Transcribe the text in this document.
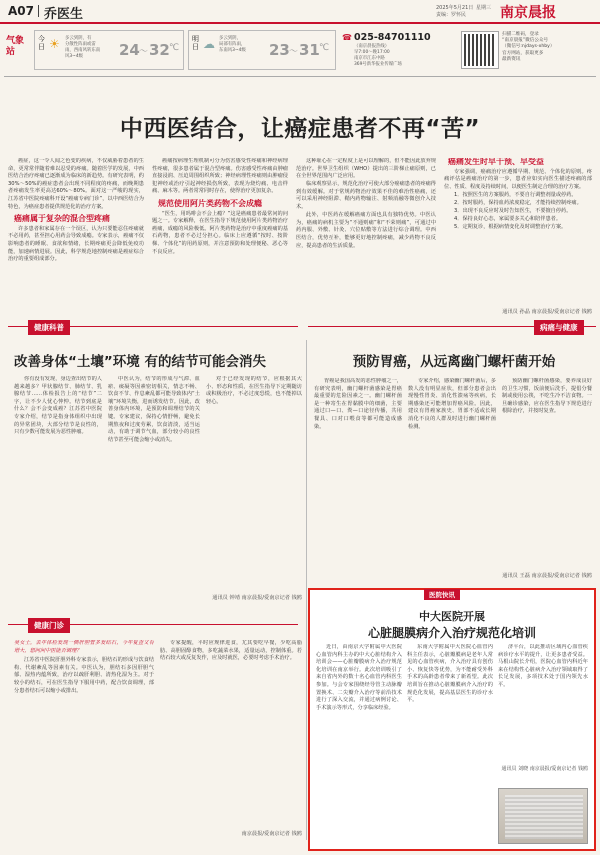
A07 乔医生	2025年5月21日 星期三
责编：罗怀民 南京晨报
气象站
今日 ☀ 多云到阴，有
分散性阵雨或雷
雨，西南风转东南
风3~4级	24 ～ 32 ℃
明日 ☁ 多云到阴，
局部有阵雨，
东南风3~4级 23 ～ 31 ℃
☎ 025-84701110
（南京晨报热线）
早7:00～晚17:00
南京市江东中路
369号新华报业传媒广场
扫描二维码，登录
“南京晨报”微信公众号
（微信号:njdays-xhby）
官方网站，获取更多
最新资讯
中西医结合，让癌症患者不再“苦”

癌症，这一令人闻之色变的疾病，不仅威胁着患者的生命，更常常伴随着难以忍受的疼痛。随着医学的发展，中西医结合治疗疼痛已逐渐成为临床的新趋势。有研究表明，约30%～50%的癌症患者会出现不同程度的疼痛，而晚期患者疼痛发生率更高达60%～80%。面对这一严峻的现实，江苏省中医院疼痛科开设“癌痛专病门诊”，以中西医结合为特色，为癌症患者提供规范化的治疗方案。

癌痛属于复杂的混合型疼痛

许多患者和家属存在一个误区，认为只要能忍住疼痛就不必用药，甚至担心用药会导致成瘾。专家表示，癌痛不仅影响患者的睡眠、食欲和情绪，长期疼痛更会降低免疫功能，加速病情进展。因此，科学规范地控制疼痛是癌症综合治疗的重要组成部分。

癌痛按病理生理机制可分为伤害感受性疼痛和神经病理性疼痛，很多患者属于混合型疼痛。伤害感受性疼痛由肿瘤直接浸润、压迫周围组织所致；神经病理性疼痛则由肿瘤侵犯神经或治疗引起神经损伤所致，表现为烧灼痛、电击样痛、麻木等。两者常常同时存在，使得治疗更加复杂。

规范使用阿片类药物不会成瘾

“医生，用吗啡会不会上瘾？”这是癌痛患者最常问的问题之一。专家解释，在医生指导下规范使用阿片类药物治疗癌痛，成瘾的风险极低。阿片类药物是治疗中重度癌痛的基石药物，患者不必过分担心。临床上应遵循“按时、按阶梯、个体化”的用药原则，并注意预防和处理便秘、恶心等不良反应。

这种耻心在一定程度上是可以理解的，但不能因此放弃规范治疗。世界卫生组织（WHO）提出的三阶梯止痛原则，已在全世界范围内广泛应用。

临床观察显示，规范化治疗可使大部分癌痛患者的疼痛得到有效缓解。对于常规药物治疗效果不佳的难治性癌痛，还可以采用神经阻滞、鞘内药物输注、射频消融等微创介入技术。

此外，中医药在缓解癌痛方面也具有独特优势。中医认为，癌痛的病机主要为“不通则痛”和“不荣则痛”，可通过中药内服、外敷、针灸、穴位贴敷等方法进行综合调理。中西医结合，优势互补，能够更好地控制疼痛，减少药物不良反应，提高患者的生活质量。

癌痛发生时早干预、早受益

专家强调，癌痛治疗应遵循早期、规范、个体化的原则。疼痛评估是癌痛治疗的第一步，患者应如实向医生描述疼痛的部位、性质、程度及持续时间，以便医生制定合理的治疗方案。

1．按照医生的方案服药，不要自行调整剂量或停药。

2．按时服药，保持血药浓度稳定，才能持续控制疼痛。

3．出现不良反应时及时告知医生，不要擅自停药。

4．保持良好心态，家属要多关心和陪伴患者。

5．定期复诊，根据病情变化及时调整治疗方案。

通讯员 孙晶 南京晨报/爱南京记者 钱鸥
健康科普
改善身体“土壤”环境 有的结节可能会消失

你有没有发现，身边查出结节的人越来越多？甲状腺结节、肺结节、乳腺结节……体检报告上的“结节”二字，让不少人忧心忡忡。结节到底是什么？会不会变成癌？江苏省中医院专家介绍，结节是指身体组织中出现的异常团块，大部分结节是良性的，只有少数可能发展为恶性肿瘤。

中医认为，结节的形成与气滞、血瘀、痰凝等因素密切相关，情志不畅、饮食不节、作息紊乱都可能导致体内“土壤”环境失衡，进而诱发结节。因此，改善身体内环境，是预防和调理结节的关键。专家建议，保持心情舒畅，避免长期熬夜和过度劳累，饮食清淡，适当运动，有助于调节气血，部分较小的良性结节甚至可能会缩小或消失。

对于已经发现的结节，应根据其大小、形态和性质，在医生指导下定期随访或积极治疗，不必过度恐慌，也不能掉以轻心。

通讯员 钟靖 南京晨报/爱南京记者 钱鸥
病痛与健康
预防胃癌，从远离幽门螺杆菌开始

胃癌是我国高发的恶性肿瘤之一，有研究表明，幽门螺杆菌感染是胃癌最重要的危险因素之一。幽门螺杆菌是一种寄生在胃黏膜中的细菌，主要通过口—口、粪—口途径传播，共用餐具、口对口喂食等都可能造成感染。

专家介绍，感染幽门螺杆菌后，多数人没有明显症状，但部分患者会出现慢性胃炎、消化性溃疡等疾病，长期感染还可能增加胃癌风险。因此，建议有胃癌家族史、胃部不适或长期消化不良的人群及时进行幽门螺杆菌检测。

预防幽门螺杆菌感染，要养成良好的卫生习惯，饭前便后洗手，提倡分餐制或使用公筷，不吃生冷不洁食物。一旦确诊感染，应在医生指导下规范进行根除治疗，并按时复查。

通讯员 王磊 南京晨报/爱南京记者 钱鸥
健康门诊
吴女士，去年体检发现一侧肝胆管多发结石，今年复查又有增大，想问问中医能否调理？

江苏省中医院肝胆外科专家表示，胆结石的形成与饮食结构、代谢紊乱等因素有关。中医认为，胆结石多因肝胆气郁、湿热内蕴所致，治疗以疏肝利胆、清热化湿为主。对于较小的结石，可在医生指导下服用中药，配合饮食调理，部分患者结石可以缩小或排出。

专家提醒，平时应规律进食，尤其要吃早餐，少吃高脂肪、高胆固醇食物，多吃蔬菜水果，适量运动，控制体重。若结石较大或反复发作，应及时就医，必要时考虑手术治疗。

南京晨报/爱南京记者 钱鸥
医院快讯
中大医院开展
心脏腿膜病介入治疗规范化培训

近日，由南京大学附属中大医院心血管内科主办的中大心脏结构介入培训会——心脏瓣膜病介入治疗规范化培训在南京举行。此次培训吸引了来自省内外的数十名心血管内科医生参加。与会专家围绕经导管主动脉瓣置换术、二尖瓣介入治疗等前沿技术进行了深入交流，并通过病例讨论、手术演示等形式，分享临床经验。

东南大学附属中大医院心血管内科主任表示，心脏瓣膜病是老年人常见的心血管疾病，介入治疗具有创伤小、恢复快等优势，为不能耐受外科手术的高龄患者带来了新希望。此次培训旨在推动心脏瓣膜病介入治疗的规范化发展，提高基层医生的诊疗水平。

济平台，以此推动区域内心血管疾病诊疗水平的提升，让更多患者受益。马根山院长介绍，医院心血管内科近年来在结构性心脏病介入治疗领域取得了长足发展，多项技术处于国内领先水平。

通讯员 刘晓 南京晨报/爱南京记者 钱鸥
